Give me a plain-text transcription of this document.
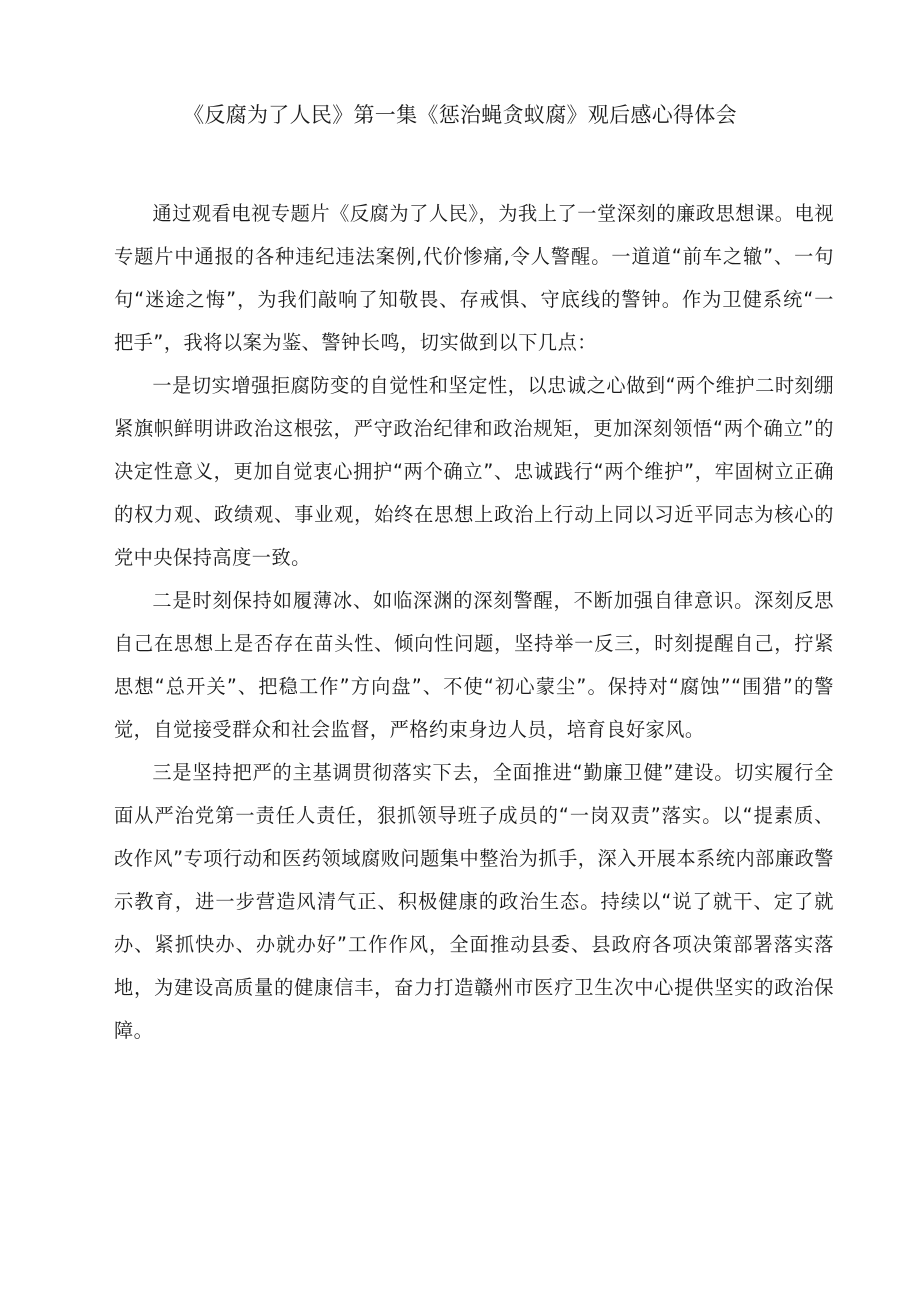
《反腐为了人民》第一集《惩治蝇贪蚁腐》观后感心得体会

通过观看电视专题片《反腐为了人民》，为我上了一堂深刻的廉政思想课。电视专题片中通报的各种违纪违法案例,代价惨痛,令人警醒。一道道“前车之辙”、一句句“迷途之悔”，为我们敲响了知敬畏、存戒惧、守底线的警钟。作为卫健系统“一把手”，我将以案为鉴、警钟长鸣，切实做到以下几点：

一是切实增强拒腐防变的自觉性和坚定性，以忠诚之心做到“两个维护二时刻绷紧旗帜鲜明讲政治这根弦，严守政治纪律和政治规矩，更加深刻领悟“两个确立”的决定性意义，更加自觉衷心拥护“两个确立”、忠诚践行“两个维护”，牢固树立正确的权力观、政绩观、事业观，始终在思想上政治上行动上同以习近平同志为核心的党中央保持高度一致。

二是时刻保持如履薄冰、如临深渊的深刻警醒，不断加强自律意识。深刻反思自己在思想上是否存在苗头性、倾向性问题，坚持举一反三，时刻提醒自己，拧紧思想“总开关”、把稳工作”方向盘”、不使“初心蒙尘”。保持对“腐蚀”“围猎”的警觉，自觉接受群众和社会监督，严格约束身边人员，培育良好家风。

三是坚持把严的主基调贯彻落实下去，全面推进“勤廉卫健”建设。切实履行全面从严治党第一责任人责任，狠抓领导班子成员的“一岗双责”落实。以“提素质、改作风”专项行动和医药领域腐败问题集中整治为抓手，深入开展本系统内部廉政警示教育，进一步营造风清气正、积极健康的政治生态。持续以“说了就干、定了就办、紧抓快办、办就办好”工作作风，全面推动县委、县政府各项决策部署落实落地，为建设高质量的健康信丰，奋力打造赣州市医疗卫生次中心提供坚实的政治保障。
